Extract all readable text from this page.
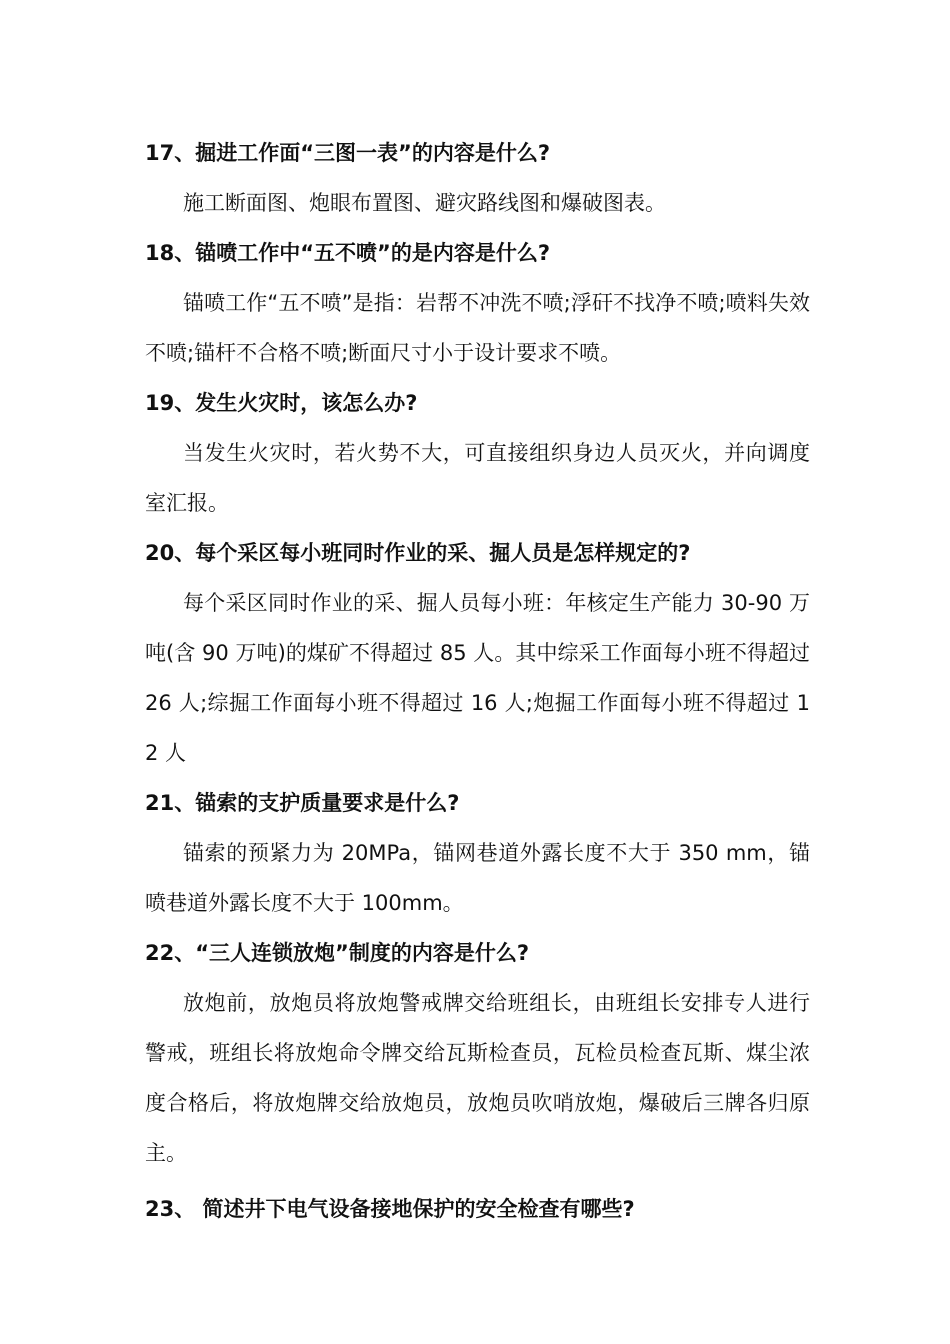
17、掘进工作面“三图一表”的内容是什么?

施工断面图、炮眼布置图、避灾路线图和爆破图表。

18、锚喷工作中“五不喷”的是内容是什么?

锚喷工作“五不喷”是指：岩帮不冲洗不喷;浮矸不找净不喷;喷料失效不喷;锚杆不合格不喷;断面尺寸小于设计要求不喷。

19、发生火灾时，该怎么办?

当发生火灾时，若火势不大，可直接组织身边人员灭火，并向调度室汇报。

20、每个采区每小班同时作业的采、掘人员是怎样规定的?

每个采区同时作业的采、掘人员每小班：年核定生产能力 30-90 万吨(含 90 万吨)的煤矿不得超过 85 人。其中综采工作面每小班不得超过 26 人;综掘工作面每小班不得超过 16 人;炮掘工作面每小班不得超过 12 人

21、锚索的支护质量要求是什么?

锚索的预紧力为 20MPa，锚网巷道外露长度不大于 350 mm，锚喷巷道外露长度不大于 100mm。

22、“三人连锁放炮”制度的内容是什么?

放炮前，放炮员将放炮警戒牌交给班组长，由班组长安排专人进行警戒，班组长将放炮命令牌交给瓦斯检查员，瓦检员检查瓦斯、煤尘浓度合格后，将放炮牌交给放炮员，放炮员吹哨放炮，爆破后三牌各归原主。

23、 简述井下电气设备接地保护的安全检查有哪些?
